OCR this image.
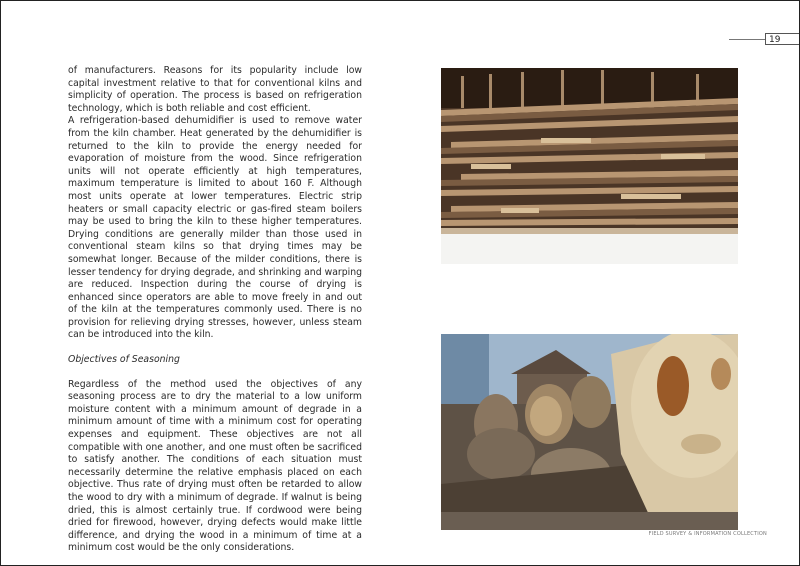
19

of manufacturers. Reasons for its popularity include low capital investment relative to that for conventional kilns and simplicity of operation. The process is based on refrigeration technology, which is both reliable and cost efficient.

A refrigeration-based dehumidifier is used to remove water from the kiln chamber. Heat generated by the dehumidifier is returned to the kiln to provide the energy needed for evaporation of moisture from the wood. Since refrigeration units will not operate efficiently at high temperatures, maximum temperature is limited to about 160 F. Although most units operate at lower temperatures. Electric strip heaters or small capacity electric or gas-fired steam boilers may be used to bring the kiln to these higher temperatures. Drying conditions are generally milder than those used in conventional steam kilns so that drying times may be somewhat longer. Because of the milder conditions, there is lesser tendency for drying degrade, and shrinking and warping are reduced. Inspection during the course of drying is enhanced since operators are able to move freely in and out of the kiln at the temperatures commonly used. There is no provision for relieving drying stresses, however, unless steam can be introduced into the kiln.

Objectives of Seasoning

Regardless of the method used the objectives of any seasoning process are to dry the material to a low uniform moisture content with a minimum amount of degrade in a minimum amount of time with a minimum cost for operating expenses and equipment. These objectives are not all compatible with one another, and one must often be sacrificed to satisfy another. The conditions of each situation must necessarily determine the relative emphasis placed on each objective. Thus rate of drying must often be retarded to allow the wood to dry with a minimum of degrade. If walnut is being dried, this is almost certainly true. If cordwood were being dried for firewood, however, drying defects would make little difference, and drying the wood in a minimum of time at a minimum cost would be the only considerations.

FIELD SURVEY & INFORMATION COLLECTION
